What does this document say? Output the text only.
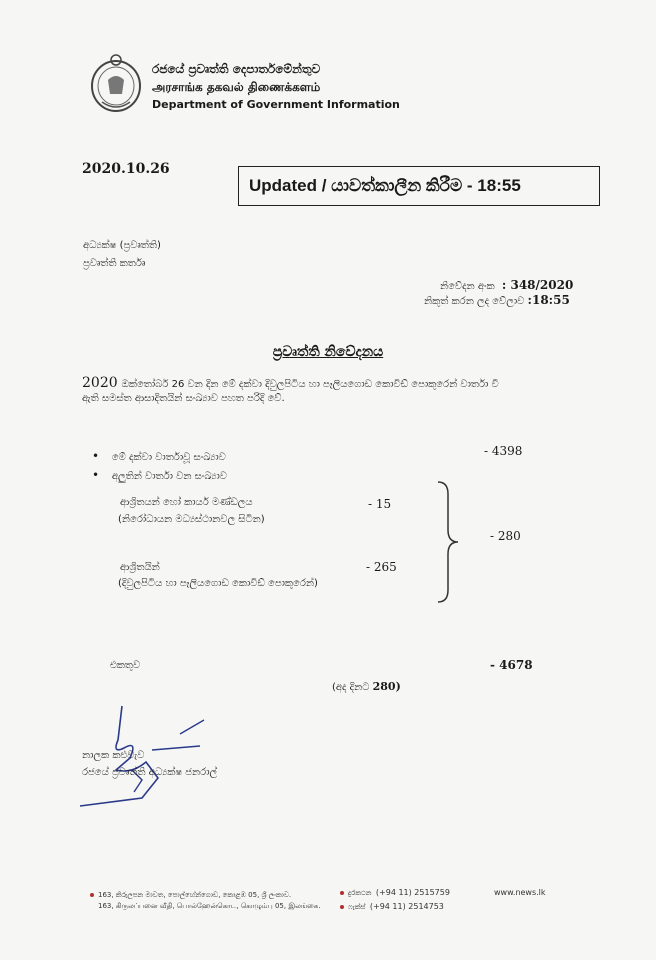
රජයේ ප්‍රවෘත්ති දෙපාර්තමේන්තුව
அரசாங்க தகவல் திணைக்களம்
Department of Government Information
2020.10.26
Updated / යාවත්කාලීන කිරීම - 18:55
අධ්‍යක්ෂ (ප්‍රවෘත්ති)
ප්‍රවෘත්ති කර්තෘ
නිවේදන අංක : 348/2020
නිකුත් කරන ලද වේලාව :18:55
ප්‍රවෘත්ති නිවේදනය
2020 ඔක්තෝබර් 26 වන දින මේ දක්වා දිවුලපිටිය හා පෑලියගොඩ කොවිඩ් පොකුරෙන් වාර්තා වී
ඇති සමස්ත ආසාදිතයින් සංඛ්‍යාව පහත පරිදි වේ.
•   මේ දක්වා වාර්තාවූ සංඛ්‍යාව	- 4398
•   අලුතින් වාර්තා වන සංඛ්‍යාව
ආශ්‍රිතයන් හෝ කාර්ය මණ්ඩලය
(නිරෝධායන මධ්‍යස්ථානවල සිටින)
- 15
ආශ්‍රිතයින්
(දිවුලපිටිය හා පෑලියගොඩ කොවිඩ් පොකුරෙන්)
- 265
- 280
එකතුව	- 4678
(අද දිනට 280)
නාලක කළුවැව
රජයේ ප්‍රවෘත්ති අධ්‍යක්ෂ ජනරාල්
163, කිරුලපන මාවත, පොල්හේන්ගොඩ, කොළඹ 05, ශ්‍රී ලංකාව.
163, கிருலப்பனை வீதி, பொல்ஹேன்கொட, கொழும்பு 05, இலங்கை.
දුරකථන (+94 11) 2515759
ෆැක්ස් (+94 11) 2514753
www.news.lk
